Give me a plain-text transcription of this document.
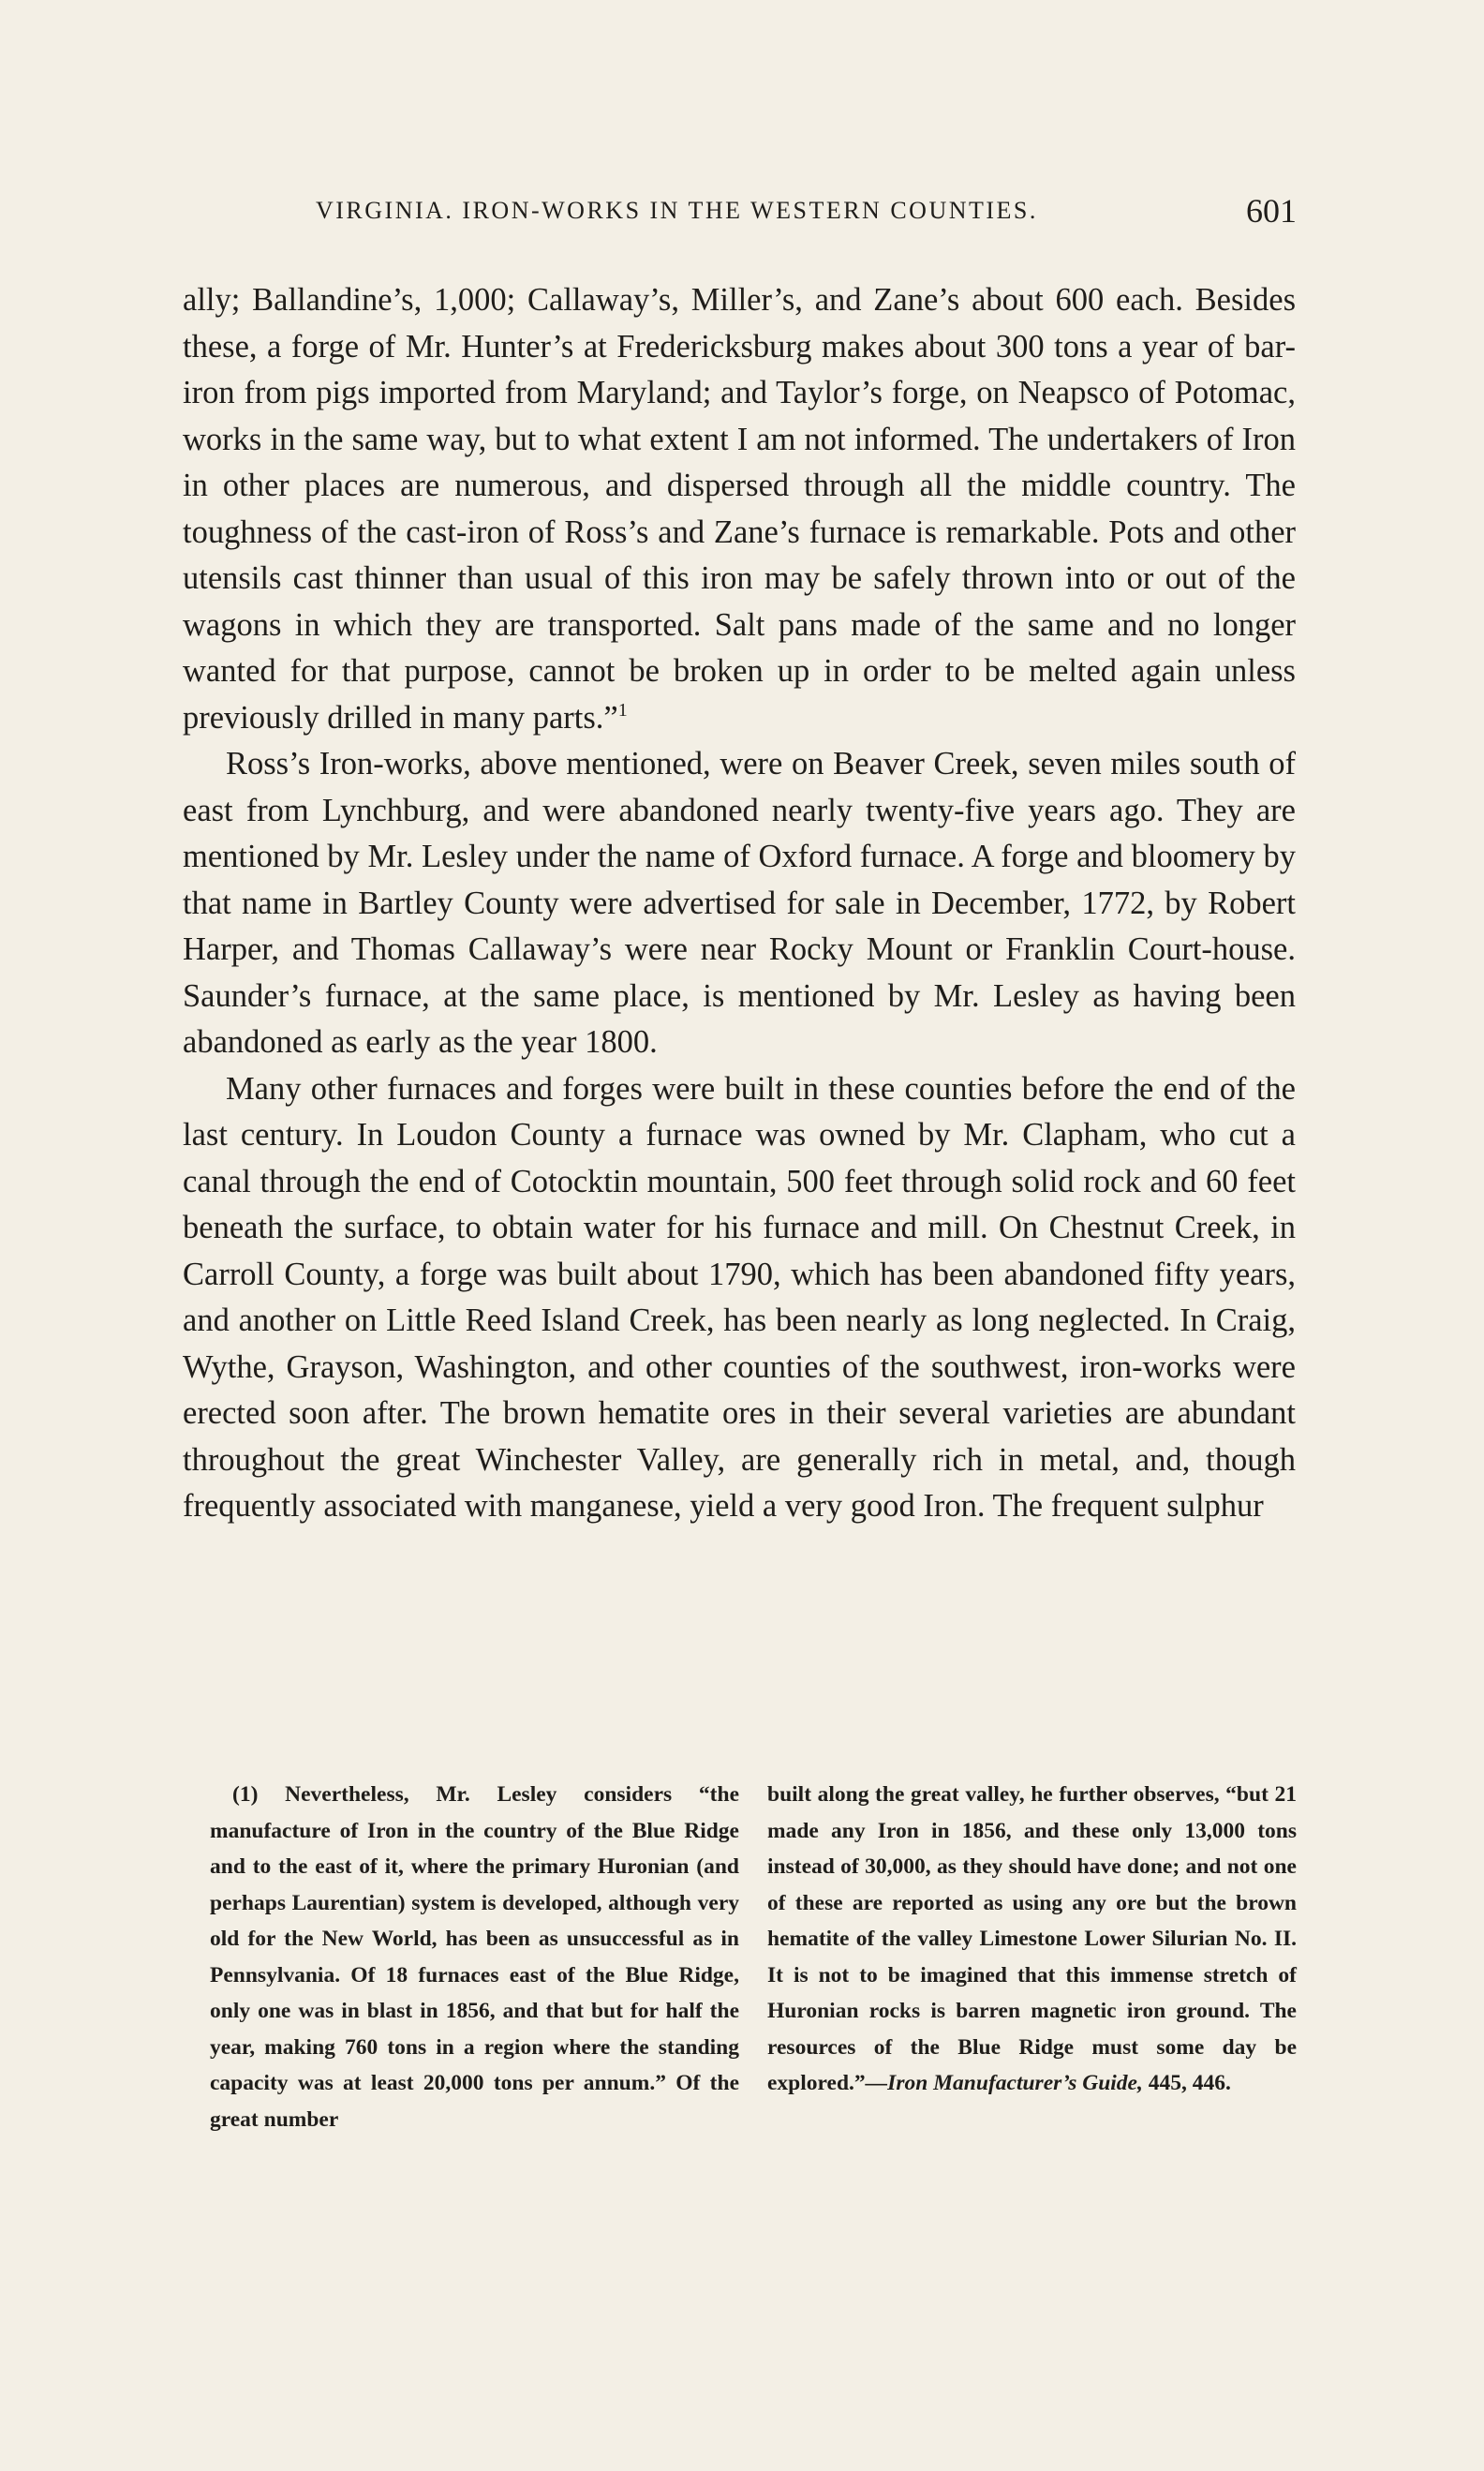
VIRGINIA. IRON-WORKS IN THE WESTERN COUNTIES.	601

ally; Ballandine’s, 1,000; Callaway’s, Miller’s, and Zane’s about 600 each. Besides these, a forge of Mr. Hunter’s at Fredericksburg makes about 300 tons a year of bar-iron from pigs imported from Maryland; and Taylor’s forge, on Neapsco of Potomac, works in the same way, but to what extent I am not informed. The undertakers of Iron in other places are numerous, and dispersed through all the middle country. The toughness of the cast-iron of Ross’s and Zane’s furnace is remarkable. Pots and other utensils cast thinner than usual of this iron may be safely thrown into or out of the wagons in which they are transported. Salt pans made of the same and no longer wanted for that purpose, cannot be broken up in order to be melted again unless previously drilled in many parts.”$^1$

Ross’s Iron-works, above mentioned, were on Beaver Creek, seven miles south of east from Lynchburg, and were abandoned nearly twenty-five years ago. They are mentioned by Mr. Lesley under the name of Oxford furnace. A forge and bloomery by that name in Bartley County were advertised for sale in December, 1772, by Robert Harper, and Thomas Callaway’s were near Rocky Mount or Franklin Court-house. Saunder’s furnace, at the same place, is mentioned by Mr. Lesley as having been abandoned as early as the year 1800.

Many other furnaces and forges were built in these counties before the end of the last century. In Loudon County a furnace was owned by Mr. Clapham, who cut a canal through the end of Cotocktin mountain, 500 feet through solid rock and 60 feet beneath the surface, to obtain water for his furnace and mill. On Chestnut Creek, in Carroll County, a forge was built about 1790, which has been abandoned fifty years, and another on Little Reed Island Creek, has been nearly as long neglected. In Craig, Wythe, Grayson, Washington, and other counties of the southwest, iron-works were erected soon after. The brown hematite ores in their several varieties are abundant throughout the great Winchester Valley, are generally rich in metal, and, though frequently associated with manganese, yield a very good Iron. The frequent sulphur

(1) Nevertheless, Mr. Lesley considers “the manufacture of Iron in the country of the Blue Ridge and to the east of it, where the primary Huronian (and perhaps Laurentian) system is developed, although very old for the New World, has been as unsuccessful as in Pennsylvania. Of 18 furnaces east of the Blue Ridge, only one was in blast in 1856, and that but for half the year, making 760 tons in a region where the standing capacity was at least 20,000 tons per annum.” Of the great number

built along the great valley, he further observes, “but 21 made any Iron in 1856, and these only 13,000 tons instead of 30,000, as they should have done; and not one of these are reported as using any ore but the brown hematite of the valley Limestone Lower Silurian No. II. It is not to be imagined that this immense stretch of Huronian rocks is barren magnetic iron ground. The resources of the Blue Ridge must some day be explored.”—Iron Manufacturer’s Guide, 445, 446.
